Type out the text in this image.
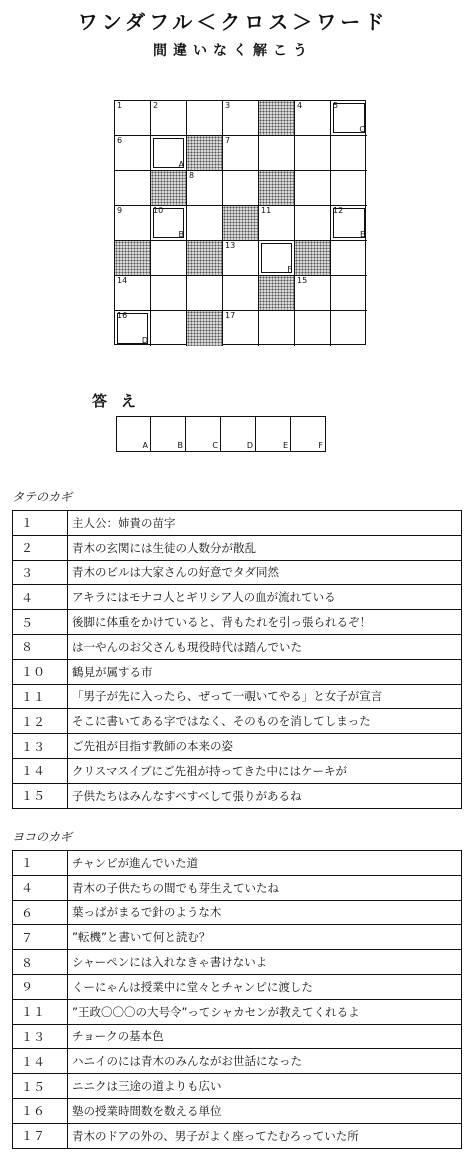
ワンダフル＜クロス＞ワード
間違いなく解こう
1	2	3	4	5
C
6
A
7
8
9	10
B
11	12
E
13
F
14	15
16
D
17
答え
A	B	C	D	E	F
タテのカギ
１	主人公：姉貴の苗字
２	青木の玄関には生徒の人数分が散乱
３	青木のビルは大家さんの好意でタダ同然
４	アキラにはモナコ人とギリシア人の血が流れている
５	後脚に体重をかけていると、背もたれを引っ張られるぞ！
８	は一やんのお父さんも現役時代は踏んでいた
１０	鶴見が属する市
１１	「男子が先に入ったら、ぜって一覗いてやる」と女子が宣言
１２	そこに書いてある字ではなく、そのものを消してしまった
１３	ご先祖が目指す教師の本来の姿
１４	クリスマスイブにご先祖が持ってきた中にはケーキが
１５	子供たちはみんなすべすべして張りがあるね
ヨコのカギ
１	チャンピが進んでいた道
４	青木の子供たちの間でも芽生えていたね
６	葉っぱがまるで針のような木
７	”転機”と書いて何と読む？
８	シャーペンには入れなきゃ書けないよ
９	くーにゃんは授業中に堂々とチャンピに渡した
１１	”王政〇〇〇の大号令”ってシャカセンが教えてくれるよ
１３	チョークの基本色
１４	ハニイのには青木のみんながお世話になった
１５	ニニクは三途の道よりも広い
１６	塾の授業時間数を数える単位
１７	青木のドアの外の、男子がよく座ってたむろっていた所
